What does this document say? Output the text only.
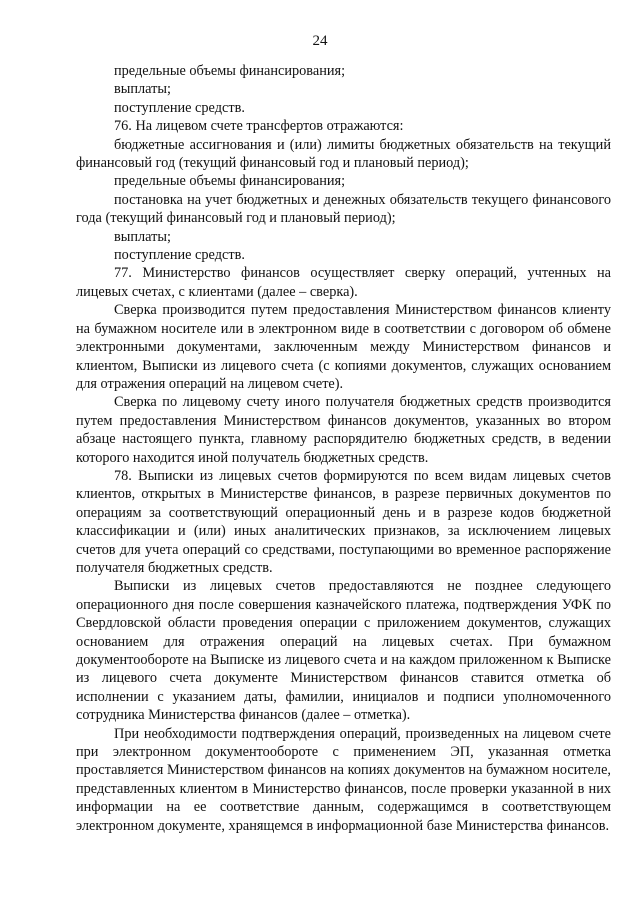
24

предельные объемы финансирования;

выплаты;

поступление средств.

76. На лицевом счете трансфертов отражаются:

бюджетные ассигнования и (или) лимиты бюджетных обязательств на текущий финансовый год (текущий финансовый год и плановый период);

предельные объемы финансирования;

постановка на учет бюджетных и денежных обязательств текущего финансового года (текущий финансовый год и плановый период);

выплаты;

поступление средств.

77. Министерство финансов осуществляет сверку операций, учтенных на лицевых счетах, с клиентами (далее – сверка).

Сверка производится путем предоставления Министерством финансов клиенту на бумажном носителе или в электронном виде в соответствии с договором об обмене электронными документами, заключенным между Министерством финансов и клиентом, Выписки из лицевого счета (с копиями документов, служащих основанием для отражения операций на лицевом счете).

Сверка по лицевому счету иного получателя бюджетных средств производится путем предоставления Министерством финансов документов, указанных во втором абзаце настоящего пункта, главному распорядителю бюджетных средств, в ведении которого находится иной получатель бюджетных средств.

78. Выписки из лицевых счетов формируются по всем видам лицевых счетов клиентов, открытых в Министерстве финансов, в разрезе первичных документов по операциям за соответствующий операционный день и в разрезе кодов бюджетной классификации и (или) иных аналитических признаков, за исключением лицевых счетов для учета операций со средствами, поступающими во временное распоряжение получателя бюджетных средств.

Выписки из лицевых счетов предоставляются не позднее следующего операционного дня после совершения казначейского платежа, подтверждения УФК по Свердловской области проведения операции с приложением документов, служащих основанием для отражения операций на лицевых счетах. При бумажном документообороте на Выписке из лицевого счета и на каждом приложенном к Выписке из лицевого счета документе Министерством финансов ставится отметка об исполнении с указанием даты, фамилии, инициалов и подписи уполномоченного сотрудника Министерства финансов (далее – отметка).

При необходимости подтверждения операций, произведенных на лицевом счете при электронном документообороте с применением ЭП, указанная отметка проставляется Министерством финансов на копиях документов на бумажном носителе, представленных клиентом в Министерство финансов, после проверки указанной в них информации на ее соответствие данным, содержащимся в соответствующем электронном документе, хранящемся в информационной базе Министерства финансов.
